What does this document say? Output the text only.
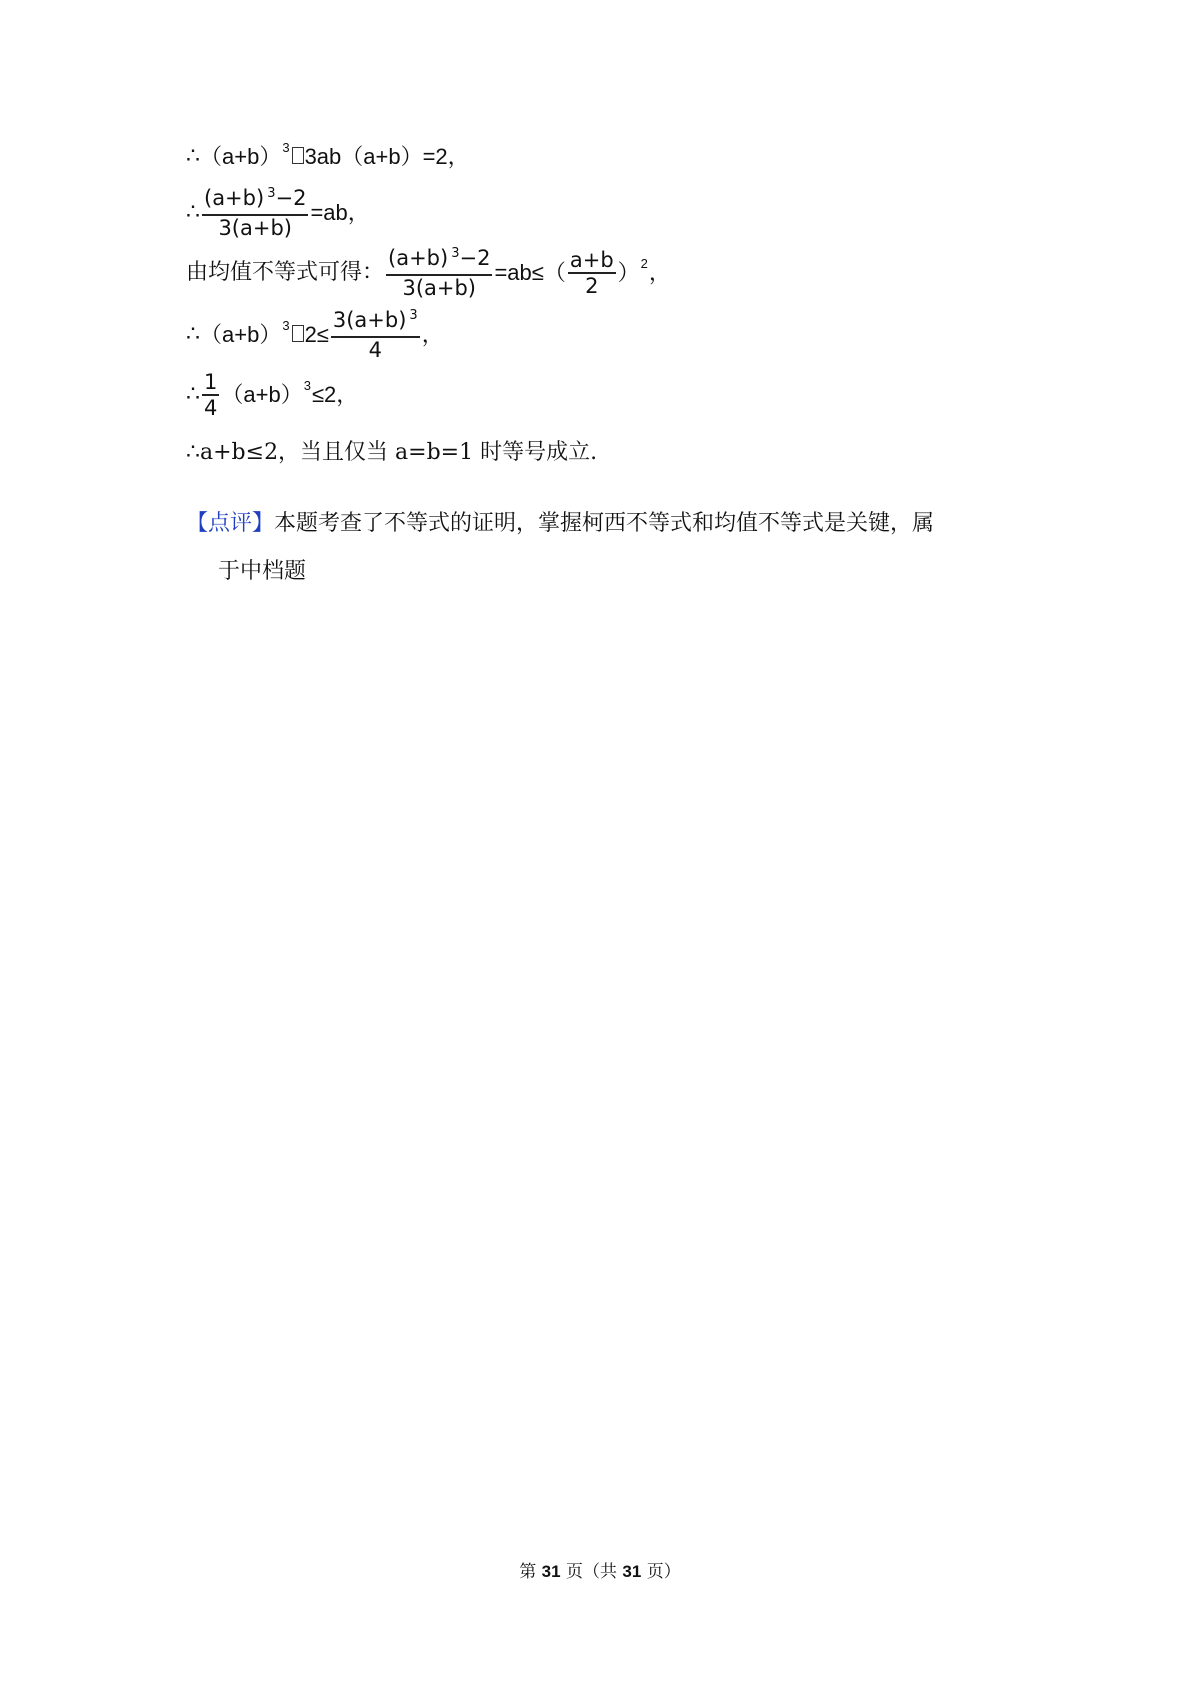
∴ （a+b） 3 3ab（a+b）=2，
∴ $\frac{(a+b) ^3-2}{3(a+b)} =ab$，
由均值不等式可得： $\frac{(a+b) ^3-2}{3(a+b)} =ab\le( \frac{a+b}{2}$ ） 2 ，
∴ （a+b） 3 $2\le \frac{3(a+b) ^3}{4}$ ，
∴ $\frac{1}{4} (a+b)$ 3 ≤2，
∴a+b≤2，当且仅当 a=b=1 时等号成立.
【点评】本题考查了不等式的证明，掌握柯西不等式和均值不等式是关键，属
于中档题
第 31 页（共 31 页）
